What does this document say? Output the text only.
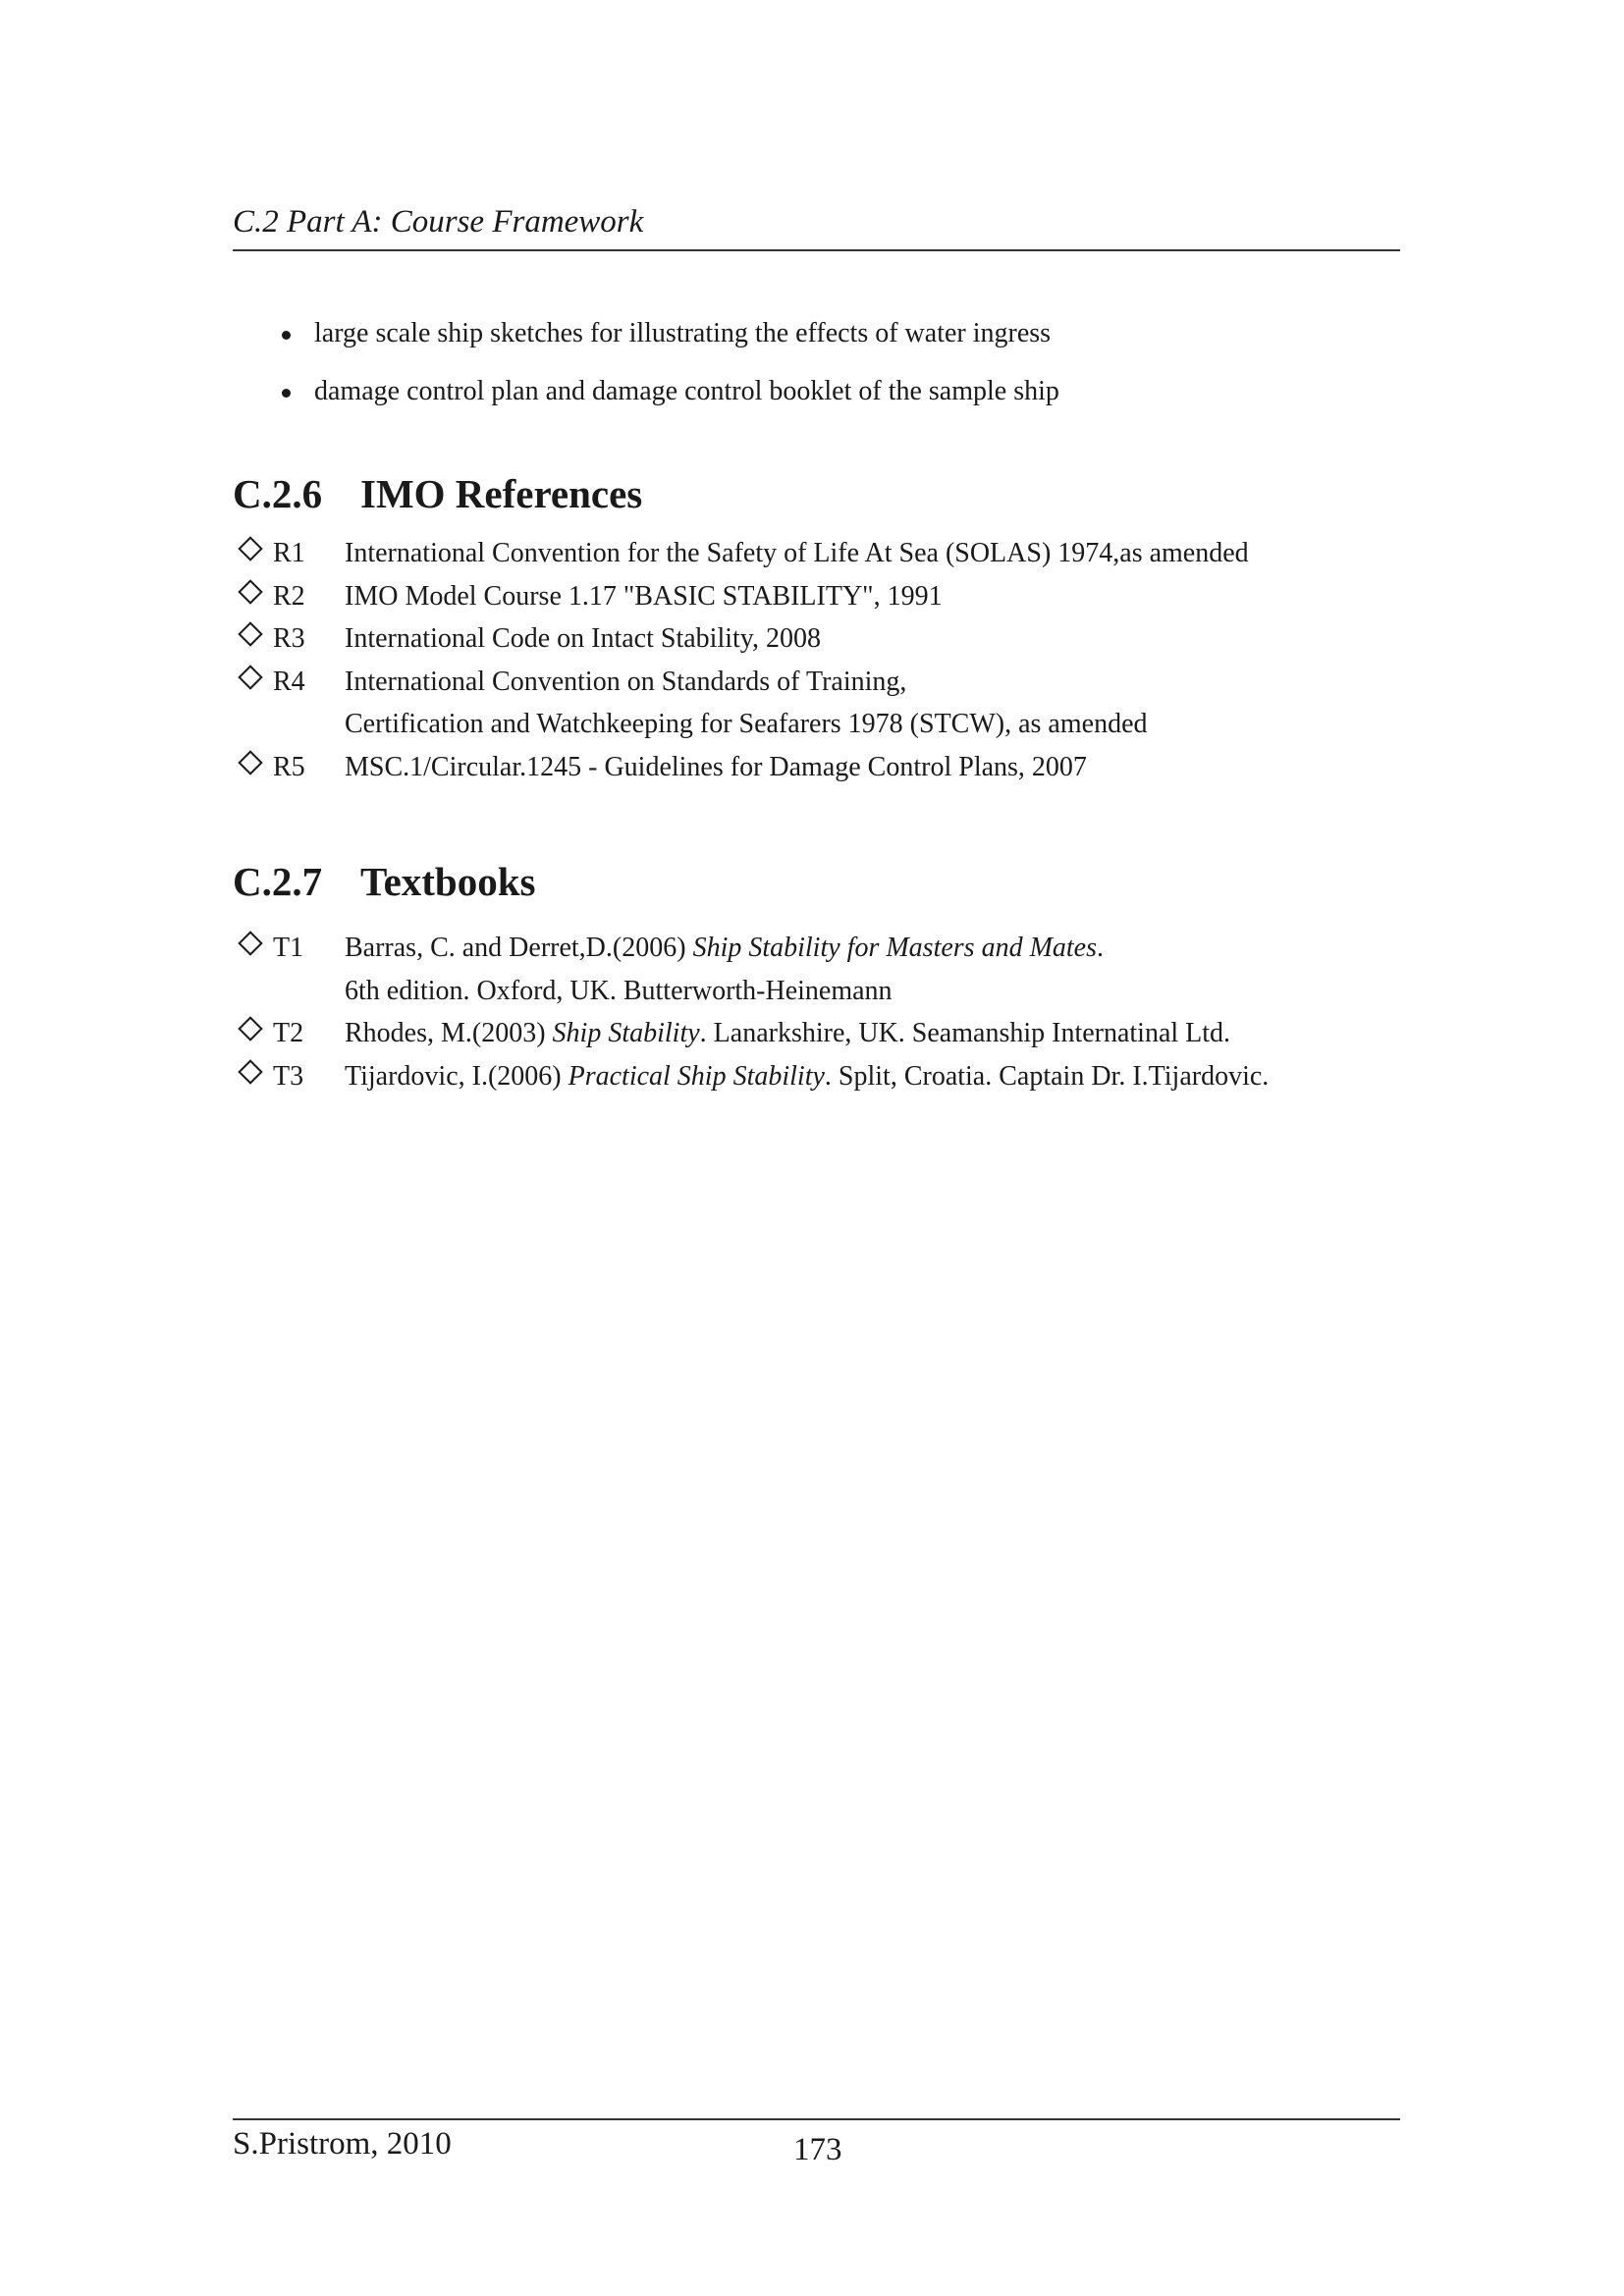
C.2 Part A: Course Framework
large scale ship sketches for illustrating the effects of water ingress
damage control plan and damage control booklet of the sample ship
C.2.6 IMO References
R1	International Convention for the Safety of Life At Sea (SOLAS) 1974,as amended
R2	IMO Model Course 1.17 "BASIC STABILITY", 1991
R3	International Code on Intact Stability, 2008
R4	International Convention on Standards of Training,
Certification and Watchkeeping for Seafarers 1978 (STCW), as amended
R5	MSC.1/Circular.1245 - Guidelines for Damage Control Plans, 2007
C.2.7 Textbooks
T1	Barras, C. and Derret,D.(2006) Ship Stability for Masters and Mates.
6th edition. Oxford, UK. Butterworth-Heinemann
T2	Rhodes, M.(2003) Ship Stability. Lanarkshire, UK. Seamanship Internatinal Ltd.
T3	Tijardovic, I.(2006) Practical Ship Stability. Split, Croatia. Captain Dr. I.Tijardovic.
S.Pristrom, 2010	173
